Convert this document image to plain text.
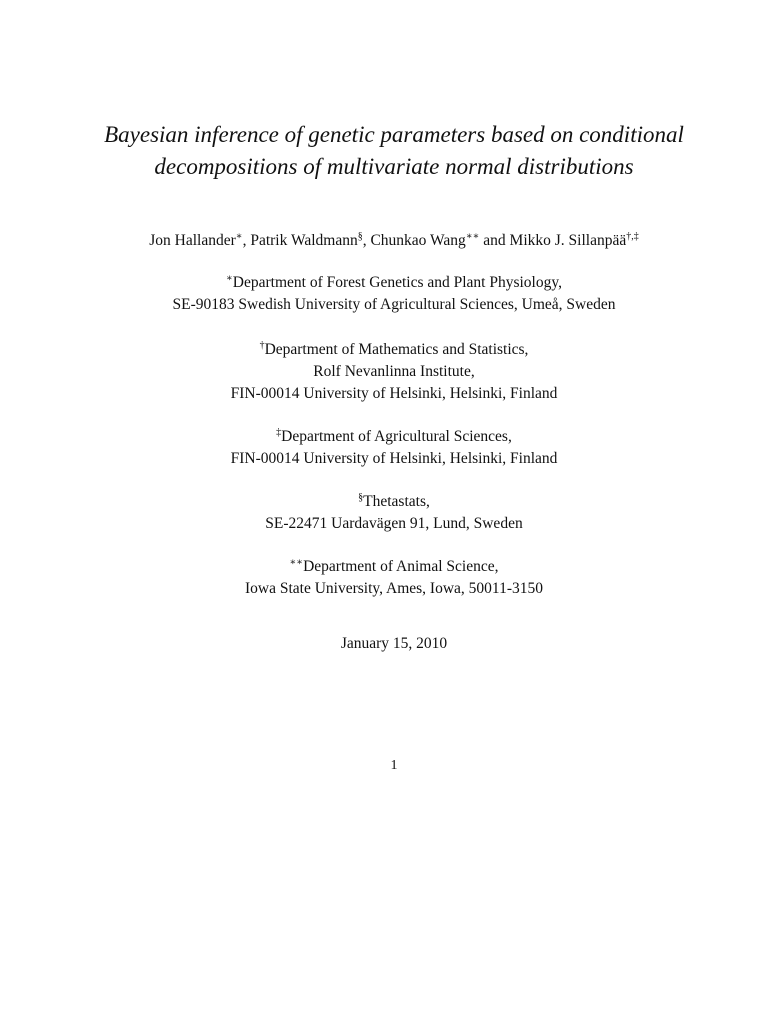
Bayesian inference of genetic parameters based on conditional decompositions of multivariate normal distributions
Jon Hallander∗, Patrik Waldmann§, Chunkao Wang∗∗ and Mikko J. Sillanpää†,‡
∗Department of Forest Genetics and Plant Physiology,
SE-90183 Swedish University of Agricultural Sciences, Umeå, Sweden
†Department of Mathematics and Statistics,
Rolf Nevanlinna Institute,
FIN-00014 University of Helsinki, Helsinki, Finland
‡Department of Agricultural Sciences,
FIN-00014 University of Helsinki, Helsinki, Finland
§Thetastats,
SE-22471 Uardavägen 91, Lund, Sweden
∗∗Department of Animal Science,
Iowa State University, Ames, Iowa, 50011-3150
January 15, 2010
1
